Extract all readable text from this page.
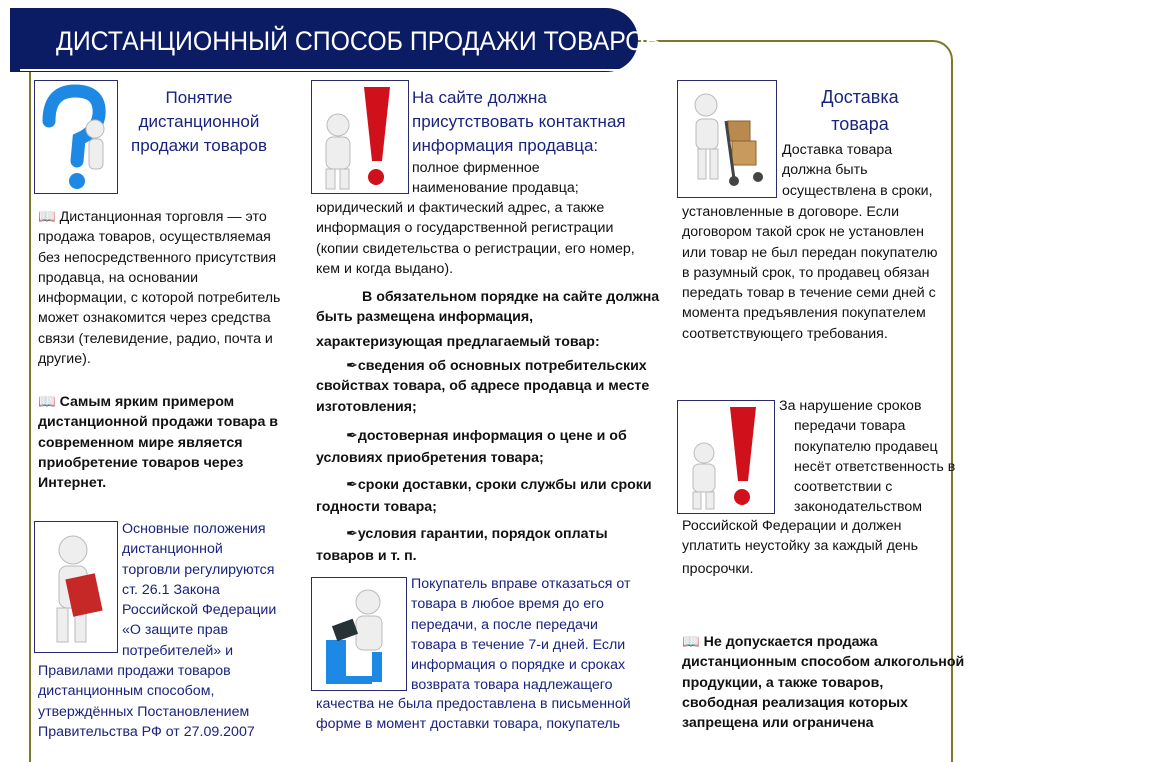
ДИСТАНЦИОННЫЙ СПОСОБ ПРОДАЖИ ТОВАРОВ
Понятие
дистанционной
продажи товаров
📖 Дистанционная торговля — это
продажа товаров, осуществляемая
без непосредственного присутствия
продавца, на основании
информации, с которой потребитель
может ознакомится через средства
связи (телевидение, радио, почта и
другие).
📖 Самым ярким примером
дистанционной продажи товара в
современном мире является
приобретение товаров через
Интернет.
Основные положения
дистанционной
торговли регулируются
ст. 26.1 Закона
Российской Федерации
«О защите прав
потребителей» и
Правилами продажи товаров
дистанционным способом,
утверждённых Постановлением
Правительства РФ от 27.09.2007
На сайте должна
присутствовать контактная
информация продавца:
полное фирменное
наименование продавца;
юридический и фактический адрес, а также
информация о государственной регистрации
(копии свидетельства о регистрации, его номер,
кем и когда выдано).
В обязательном порядке на сайте должна
быть размещена информация,
характеризующая предлагаемый товар:
✒сведения об основных потребительских
свойствах товара, об адресе продавца и месте
изготовления;
✒достоверная информация о цене и об
условиях приобретения товара;
✒сроки доставки, сроки службы или сроки
годности товара;
✒условия гарантии, порядок оплаты
товаров и т. п.
Покупатель вправе отказаться от
товара в любое время до его
передачи, а после передачи
товара в течение 7-и дней. Если
информация о порядке и сроках
возврата товара надлежащего
качества не была предоставлена в письменной
форме в момент доставки товара, покупатель
Доставка
товара
Доставка товара
должна быть
осуществлена в сроки,
установленные в договоре. Если
договором такой срок не установлен
или товар не был передан покупателю
в разумный срок, то продавец обязан
передать товар в течение семи дней с
момента предъявления покупателем
соответствующего требования.
За нарушение сроков
передачи товара
покупателю продавец
несёт ответственность в
соответствии с
законодательством
Российской Федерации и должен
уплатить неустойку за каждый день
просрочки.
📖 Не допускается продажа
дистанционным способом алкогольной
продукции, а также товаров,
свободная реализация которых
запрещена или ограничена
